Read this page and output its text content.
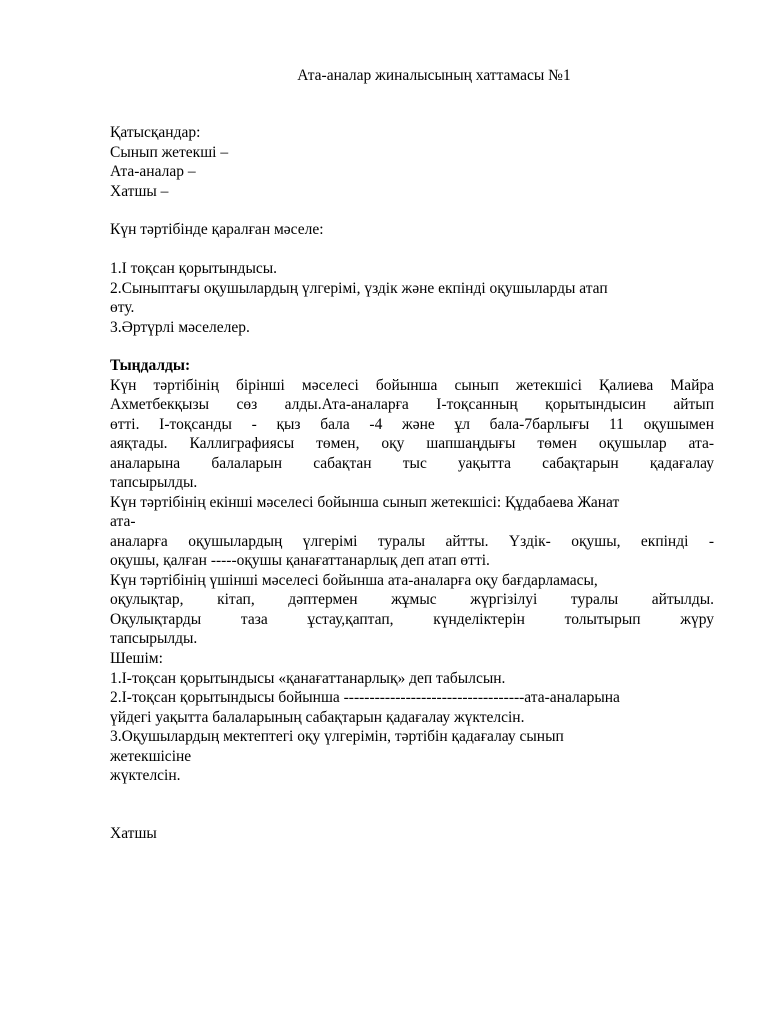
Ата-аналар жиналысының хаттамасы №1
Қатысқандар:
Сынып жетекші –
Ата-аналар –
Хатшы –
Күн тәртібінде қаралған мәселе:
1.І тоқсан қорытындысы.
2.Сыныптағы оқушылардың үлгерімі, үздік және екпінді оқушыларды атап
өту.
3.Әртүрлі мәселелер.
Тыңдалды:
Күн тәртібінің бірінші мәселесі бойынша сынып жетекшісі Қалиева Майра
Ахметбекқызы сөз алды.Ата-аналарға І-тоқсанның қорытындысин айтып
өтті. І-тоқсанды - қыз бала -4 және ұл бала-7барлығы 11 оқушымен
аяқтады. Каллиграфиясы төмен, оқу шапшаңдығы төмен оқушылар ата-
аналарына балаларын сабақтан тыс уақытта сабақтарын қадағалау
тапсырылды.
Күн тәртібінің екінші мәселесі бойынша сынып жетекшісі: Құдабаева Жанат
ата-
аналарға оқушылардың үлгерімі туралы айтты. Үздік- оқушы, екпінді -
оқушы, қалған -----оқушы қанағаттанарлық деп атап өтті.
Күн тәртібінің үшінші мәселесі бойынша ата-аналарға оқу бағдарламасы,
оқулықтар, кітап, дәптермен жұмыс жүргізілуі туралы айтылды.
Оқулықтарды таза ұстау,қаптап, күнделіктерін толытырып жүру
тапсырылды.
Шешім:
1.І-тоқсан қорытындысы «қанағаттанарлық» деп табылсын.
2.І-тоқсан қорытындысы бойынша -----------------------------------ата-аналарына
үйдегі уақытта балаларының сабақтарын қадағалау жүктелсін.
3.Оқушылардың мектептегі оқу үлгерімін, тәртібін қадағалау сынып
жетекшісіне
жүктелсін.
Хатшы
